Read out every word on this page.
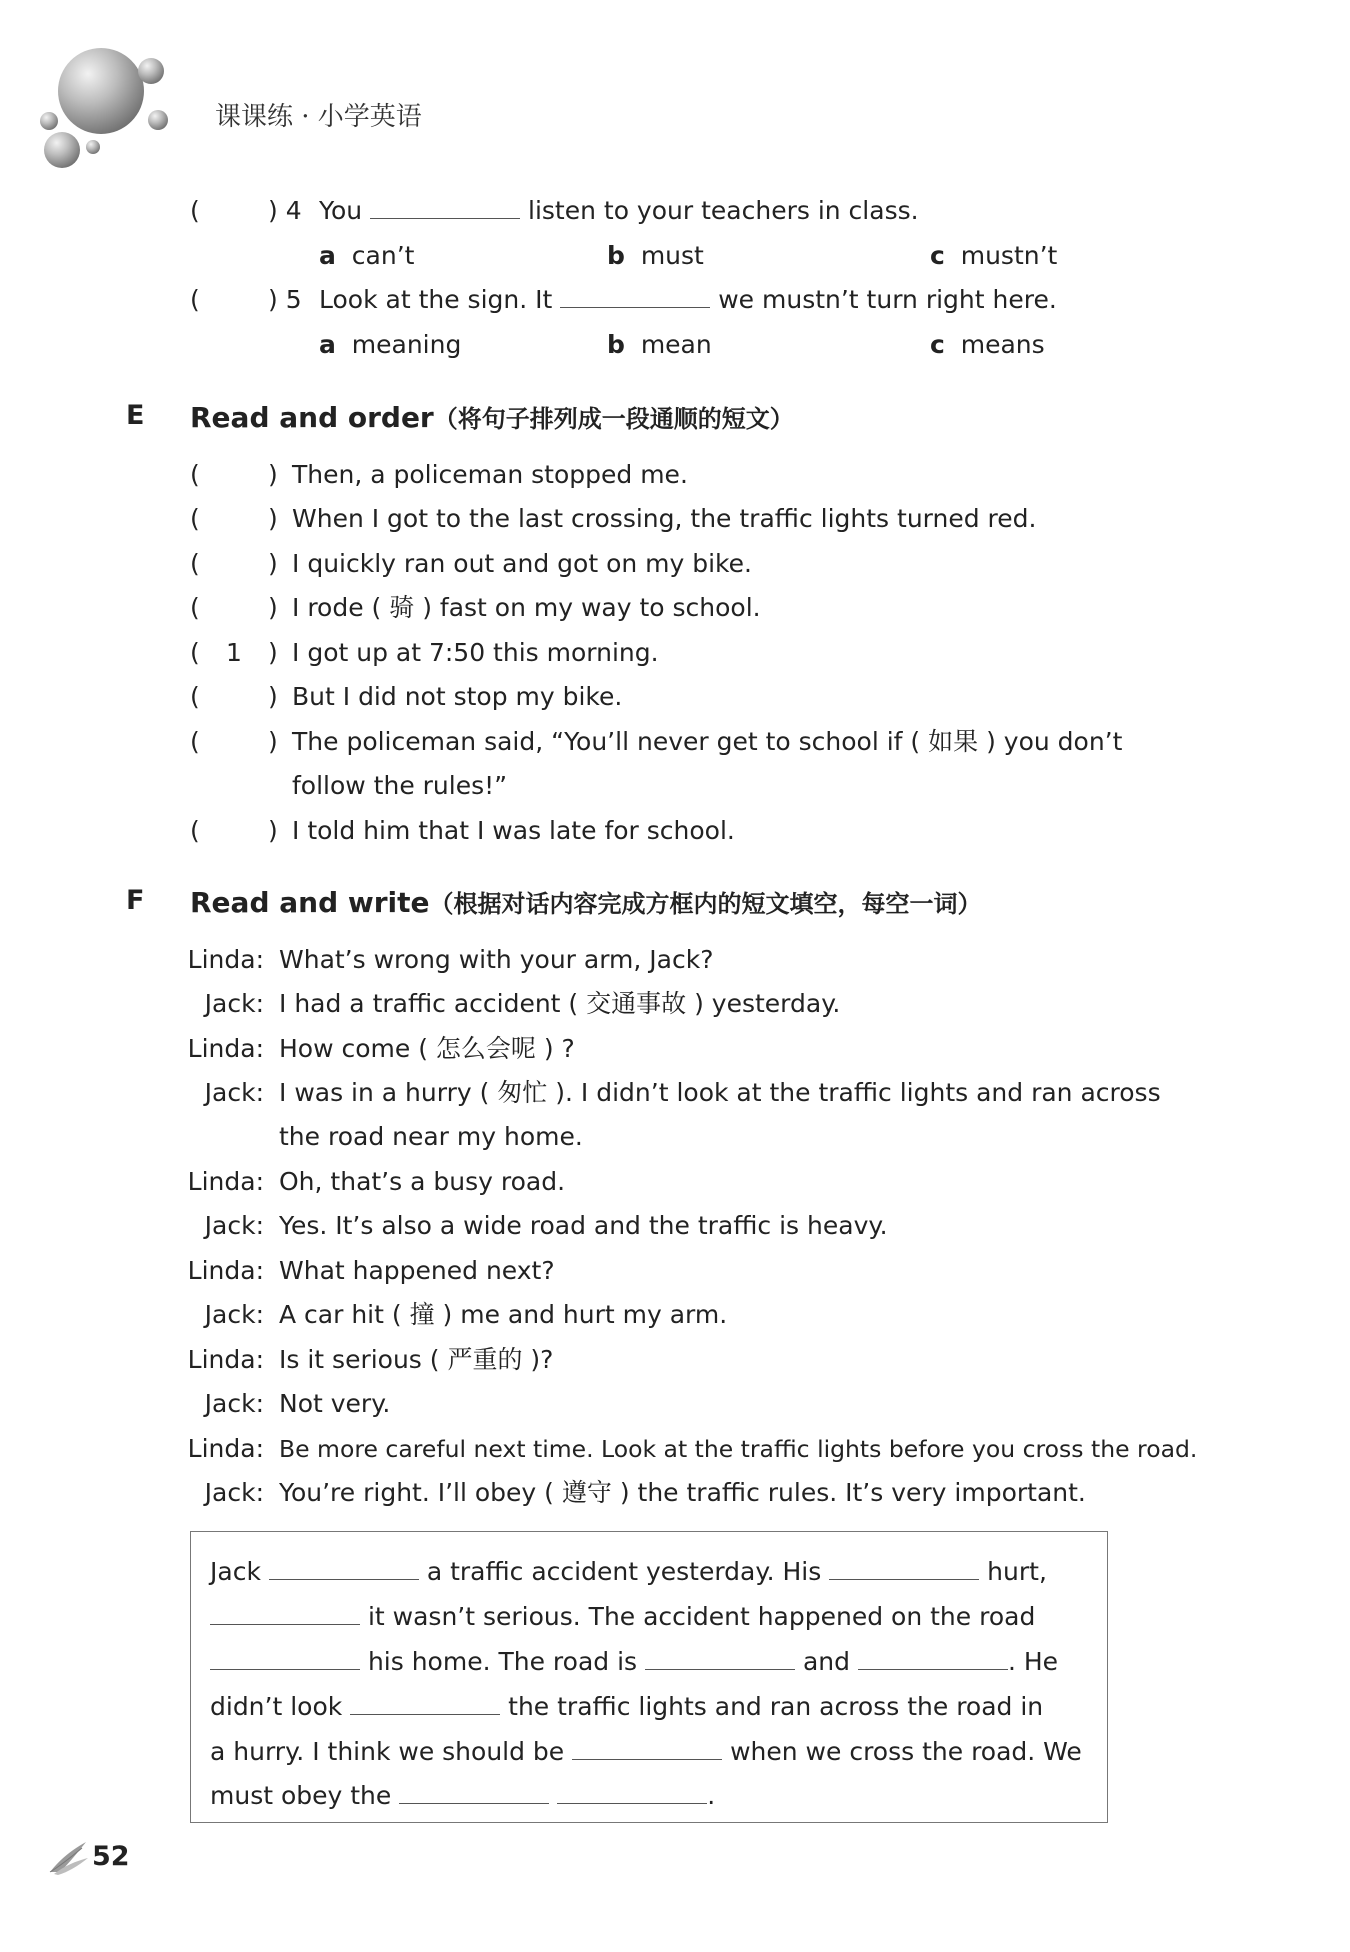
课课练 · 小学英语
(	) 4 You	listen to your teachers in class.
a can’t	b must	c mustn’t
(	) 5 Look at the sign. It	we mustn’t turn right here.
a meaning	b mean	c means
E Read and order（将句子排列成一段通顺的短文）
(	) Then, a policeman stopped me.
(	) When I got to the last crossing, the traffic lights turned red.
(	) I quickly ran out and got on my bike.
(	) I rode ( 骑 ) fast on my way to school.
( 1 ) I got up at 7:50 this morning.
(	) But I did not stop my bike.
(	) The policeman said, “You’ll never get to school if ( 如果 ) you don’t
follow the rules!”
(	) I told him that I was late for school.
F Read and write（根据对话内容完成方框内的短文填空，每空一词）
Linda: What’s wrong with your arm, Jack?
Jack: I had a traffic accident ( 交通事故 ) yesterday.
Linda: How come ( 怎么会呢 ) ?
Jack: I was in a hurry ( 匆忙 ). I didn’t look at the traffic lights and ran across
the road near my home.
Linda: Oh, that’s a busy road.
Jack: Yes. It’s also a wide road and the traffic is heavy.
Linda: What happened next?
Jack: A car hit ( 撞 ) me and hurt my arm.
Linda: Is it serious ( 严重的 )?
Jack: Not very.
Linda: Be more careful next time. Look at the traffic lights before you cross the road.
Jack: You’re right. I’ll obey ( 遵守 ) the traffic rules. It’s very important.
Jack	a traffic accident yesterday. His	hurt,
it wasn’t serious. The accident happened on the road
his home. The road is	and	. He
didn’t look	the traffic lights and ran across the road in
a hurry. I think we should be	when we cross the road. We
must obey the	.
52
